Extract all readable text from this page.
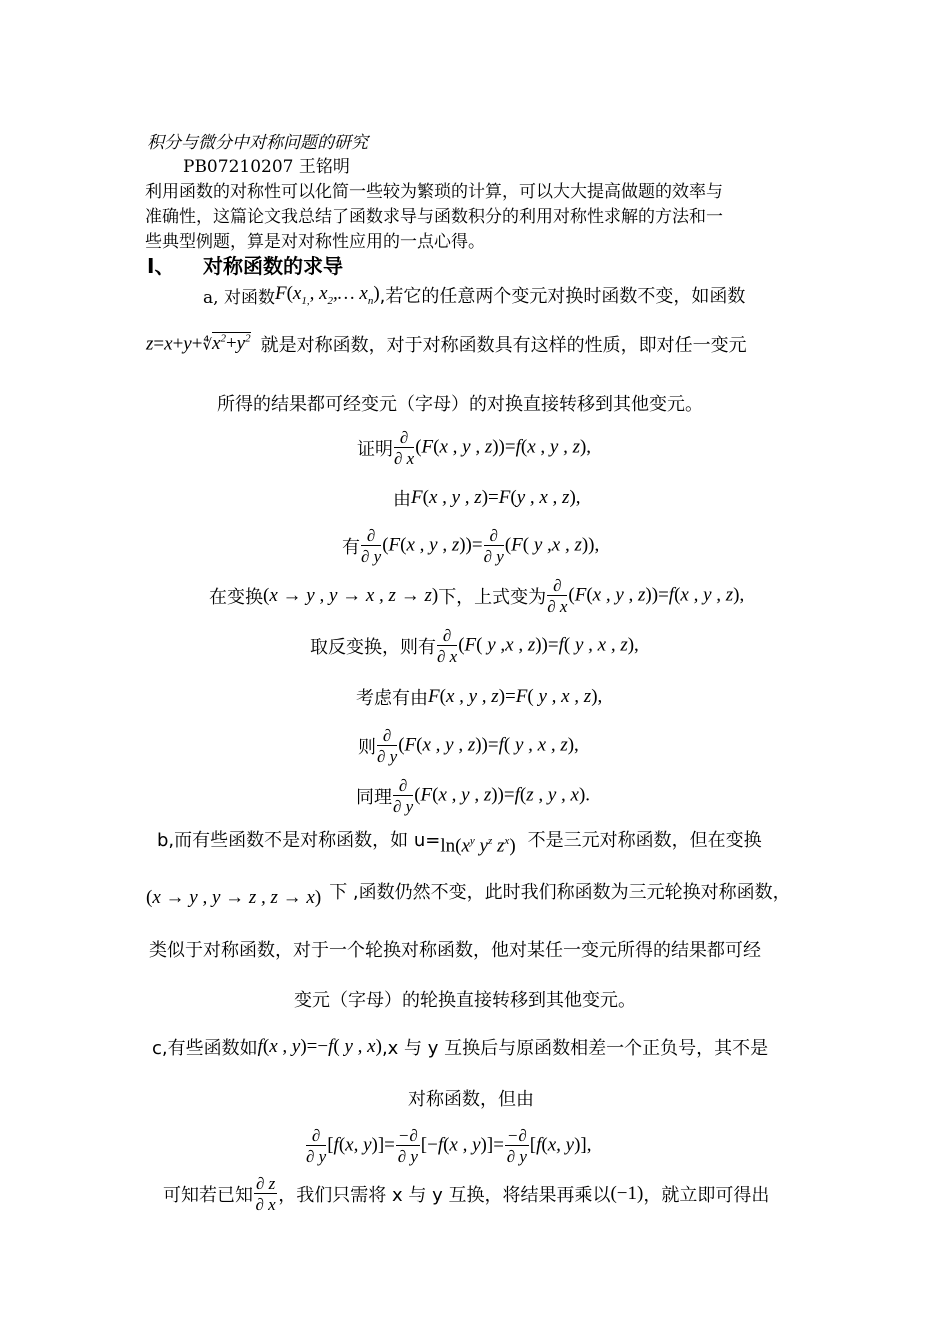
积分与微分中对称问题的研究
PB07210207 王铭明
利用函数的对称性可以化简一些较为繁琐的计算，可以大大提高做题的效率与
准确性，这篇论文我总结了函数求导与函数积分的利用对称性求解的方法和一
些典型例题，算是对对称性应用的一点心得。
Ⅰ、 对称函数的求导
a, 对函数 $F(x_{1,}$, $x_2,\dots$ $x_n$) ,若它的任意两个变元对换时函数不变，如函数
$z=x+y+∜x^2+y^2$ 就是对称函数，对于对称函数具有这样的性质，即对任一变元
所得的结果都可经变元（字母）的对换直接转移到其他变元。
证明 $\frac{\partial}{\partial x} (F(x$ , y , z))=f(x , y , z),
由 F(x , y , z)=F(y , x , z),
有 $\frac{\partial}{\partial y} (F(x$ , y , $z))= \frac{\partial}{\partial y} (F$( y ,x , z)),
在变换 (x → y , y → x , z → z) 下，上式变为 $\frac{\partial}{\partial x} (F(x$ , y , z))=f(x , y , z),
取反变换，则有 $\frac{\partial}{\partial x} (F$( y ,x , z))=f( y , x , z),
考虑有由 F(x , y , z)=F( y , x , z),
则 $\frac{\partial}{\partial y} (F(x$ , y , z))=f( y , x , z),
同理 $\frac{\partial}{\partial y} (F(x$ , y , z))=f(z , y , x).
b,而有些函数不是对称函数，如 $u= \ln(x^y$ $y^z$ $z^x$) 不是三元对称函数，但在变换
(x → y , y → z , z → x) 下 ,函数仍然不变，此时我们称函数为三元轮换对称函数，
类似于对称函数，对于一个轮换对称函数，他对某任一变元所得的结果都可经
变元（字母）的轮换直接转移到其他变元。
c,有些函数如 f(x , y)=−f( y , x) ,x 与 y 互换后与原函数相差一个正负号，其不是
对称函数，但由
$\frac{\partial}{\partial y} [f(x$, $y)]= \frac{-\partial}{\partial y} [-f(x$ , $y)]= \frac{-\partial}{\partial y} [f(x$, y)],
可知若已知 $\frac{\partial z}{\partial x}$ ，我们只需将 x 与 y 互换，将结果再乘以 (−1) ，就立即可得出
